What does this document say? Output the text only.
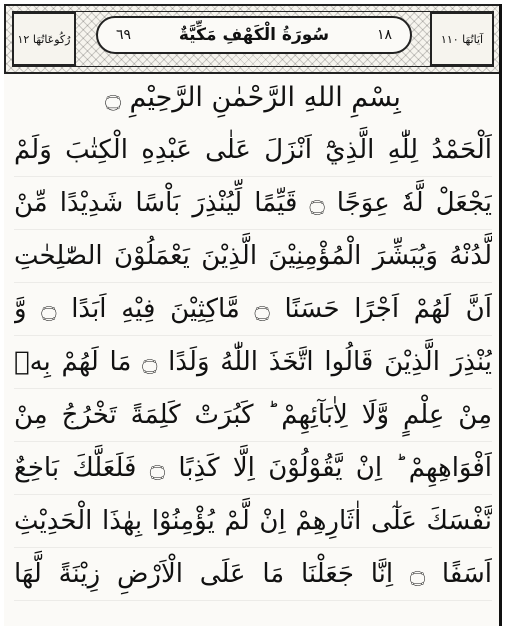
رُكُوعَاتُهَا ١٢	٦٩	سُورَةُ الْكَهْفِ مَكِّيَّةٌ	١٨	آيَاتُهَا ١١٠
بِسْمِ اللهِ الرَّحْمٰنِ الرَّحِيْمِ ۝
اَلْحَمْدُ لِلّٰهِ الَّذِيْٓ اَنْزَلَ عَلٰى عَبْدِهِ الْكِتٰبَ وَلَمْ
يَجْعَلْ لَّهٗ عِوَجًا ۝ قَيِّمًا لِّيُنْذِرَ بَاْسًا شَدِيْدًا مِّنْ
لَّدُنْهُ وَيُبَشِّرَ الْمُؤْمِنِيْنَ الَّذِيْنَ يَعْمَلُوْنَ الصّٰلِحٰتِ
اَنَّ لَهُمْ اَجْرًا حَسَنًا ۝ مَّاكِثِيْنَ فِيْهِ اَبَدًا ۝ وَّ
يُنْذِرَ الَّذِيْنَ قَالُوا اتَّخَذَ اللّٰهُ وَلَدًا ۝ مَا لَهُمْ بِهٖ
مِنْ عِلْمٍ وَّلَا لِاٰبَآئِهِمْ ؕ كَبُرَتْ كَلِمَةً تَخْرُجُ مِنْ
اَفْوَاهِهِمْ ؕ اِنْ يَّقُوْلُوْنَ اِلَّا كَذِبًا ۝ فَلَعَلَّكَ بَاخِعٌ
نَّفْسَكَ عَلٰٓى اٰثَارِهِمْ اِنْ لَّمْ يُؤْمِنُوْا بِهٰذَا الْحَدِيْثِ
اَسَفًا ۝ اِنَّا جَعَلْنَا مَا عَلَى الْاَرْضِ زِيْنَةً لَّهَا
